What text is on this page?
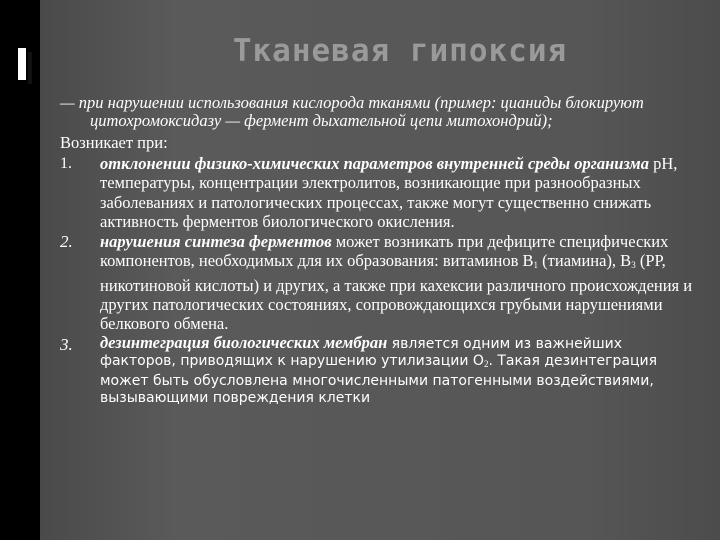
Тканевая гипоксия

— при нарушении использования кислорода тканями (пример: цианиды блокируют цитохромоксидазу — фермент дыхательной цепи митохондрий);

Возникает при:

1.	отклонении физико-химических параметров внутренней среды организма pH, температуры, концентрации электролитов, возникающие при разнообразных заболеваниях и патологических процессах, также могут существенно снижать активность ферментов биологического окисления.
2.	нарушения синтеза ферментов может возникать при дефиците специфических компонентов, необходимых для их образования: витаминов $В_1$ (тиамина), $В_3$ (РР, никотиновой кислоты) и других, а также при кахексии различного происхождения и других патологических состояниях, сопровождающихся грубыми нарушениями белкового обмена.
3.	дезинтеграция биологических мембран является одним из важнейших факторов, приводящих к нарушению утилизации $О_2$. Такая дезинтеграция может быть обусловлена многочисленными патогенными воздействиями, вызывающими повреждения клетки
